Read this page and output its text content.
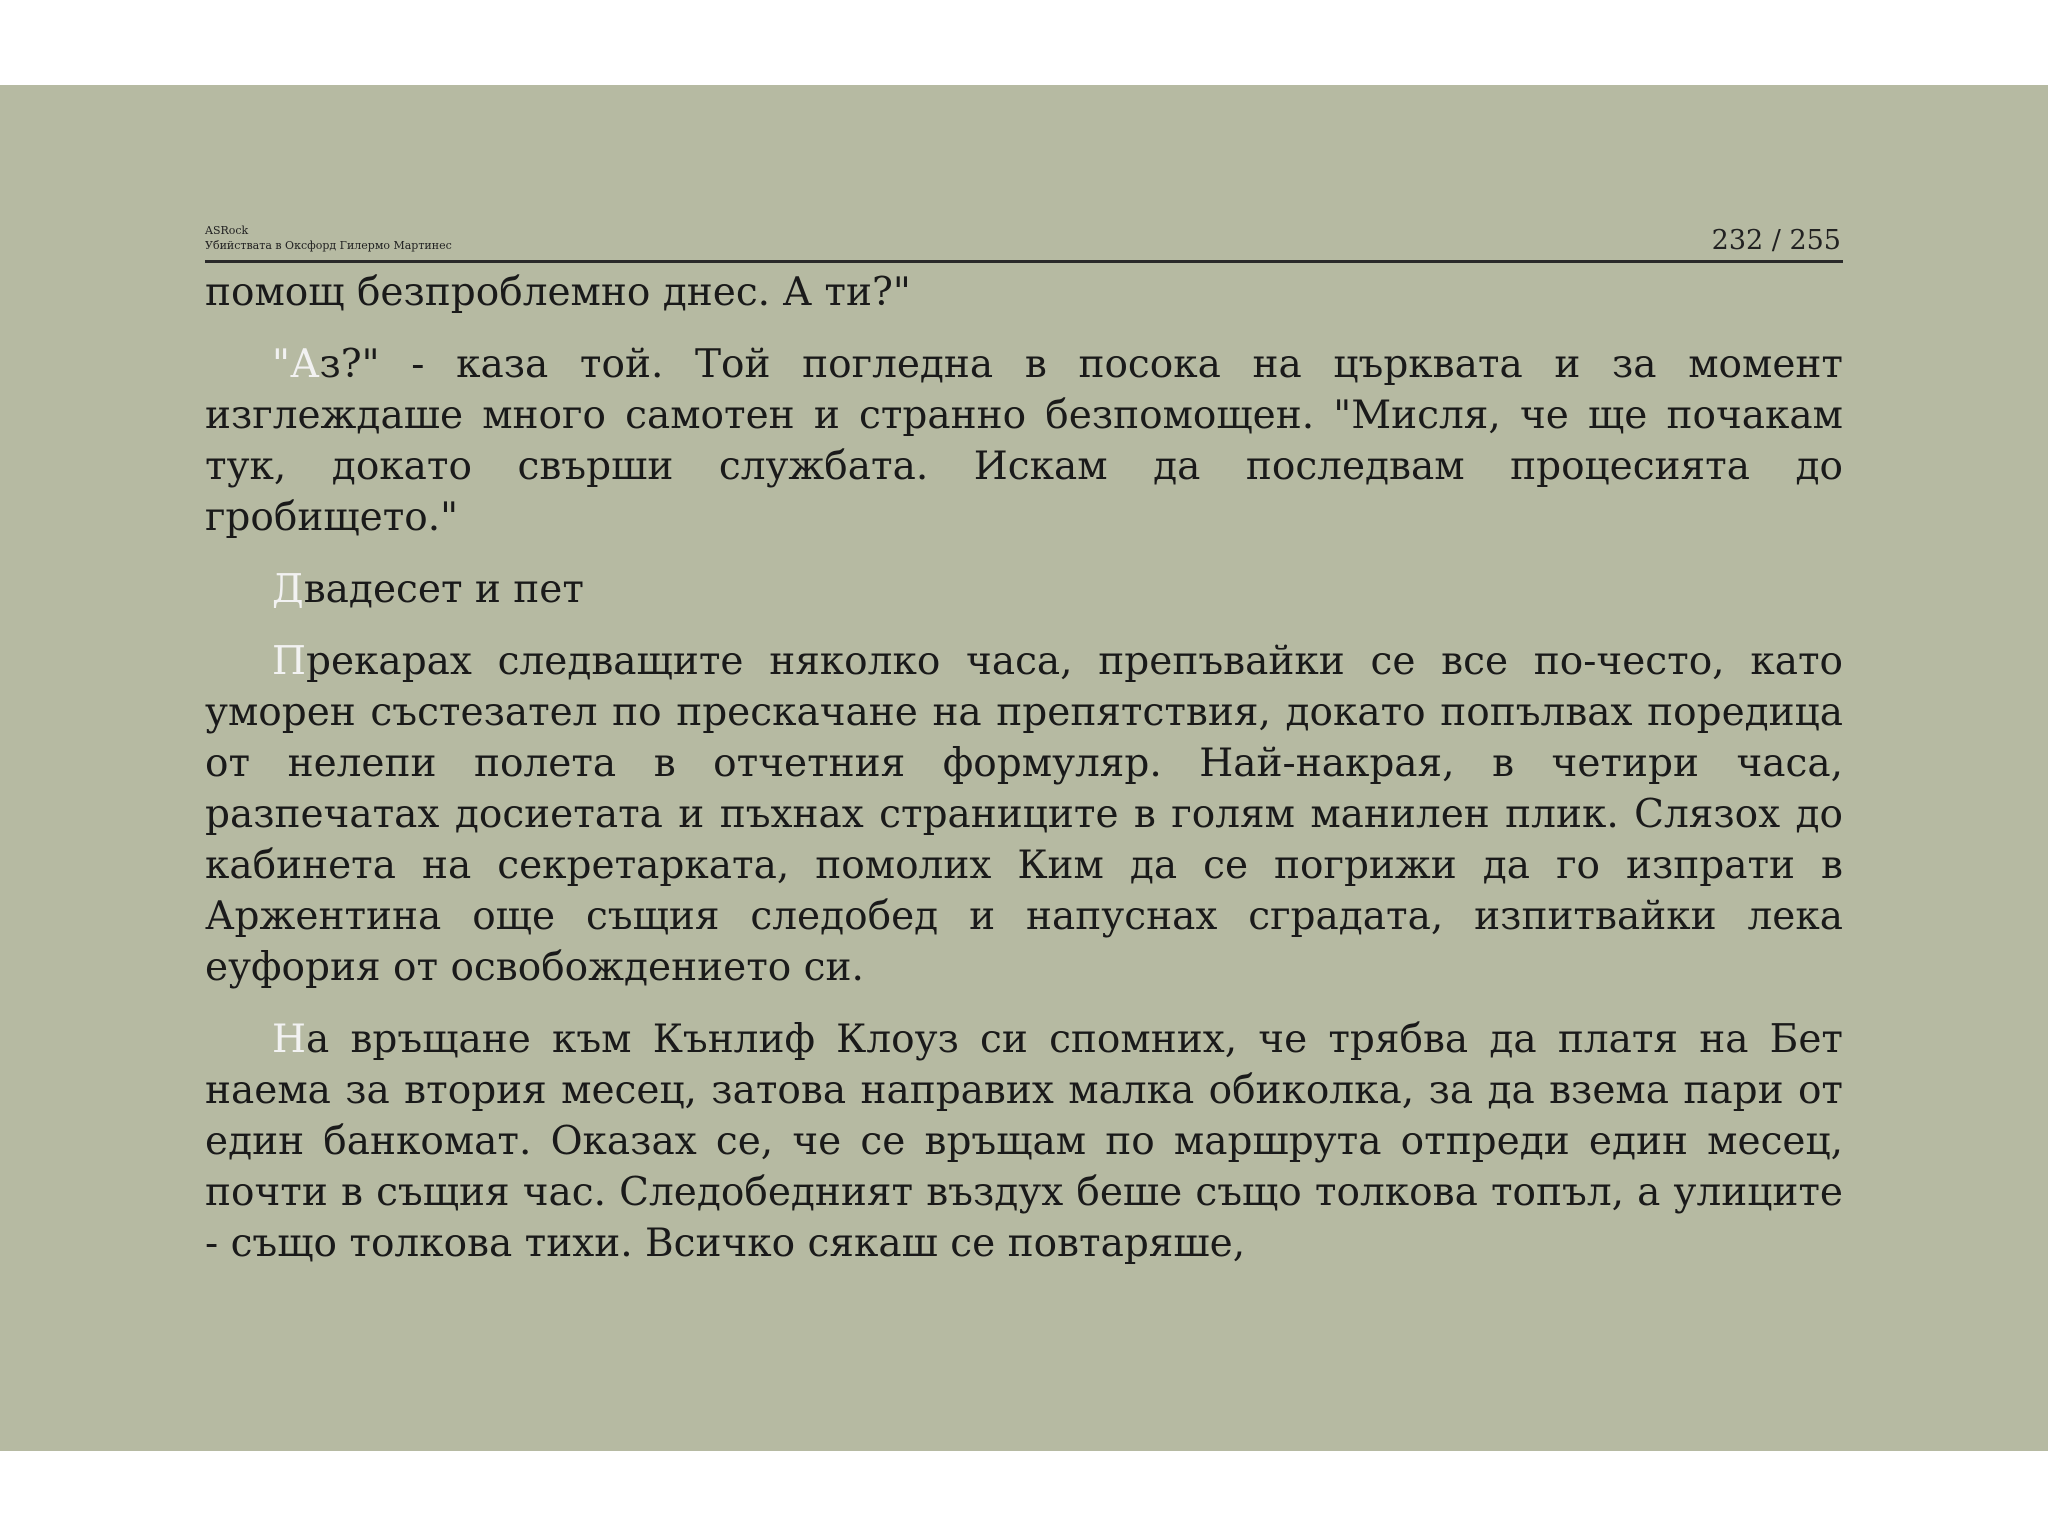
ASRock
Убийствата в Оксфорд Гилермо Мартинес	232 / 255

помощ безпроблемно днес. А ти?"

"Аз?" - каза той. Той погледна в посока на църквата и за момент изглеждаше много самотен и странно безпомощен. "Мисля, че ще почакам тук, докато свърши службата. Искам да последвам процесията до гробището."

Двадесет и пет

Прекарах следващите няколко часа, препъвайки се все по-често, като уморен състезател по прескачане на препятствия, докато попълвах поредица от нелепи полета в отчетния формуляр. Най-накрая, в четири часа, разпечатах досиетата и пъхнах страниците в голям манилен плик. Слязох до кабинета на секретарката, помолих Ким да се погрижи да го изпрати в Аржентина още същия следобед и напуснах сградата, изпитвайки лека еуфория от освобождението си.

На връщане към Кънлиф Клоуз си спомних, че трябва да платя на Бет наема за втория месец, затова направих малка обиколка, за да взема пари от един банкомат. Оказах се, че се връщам по маршрута отпреди един месец, почти в същия час. Следобедният въздух беше също толкова топъл, а улиците - също толкова тихи. Всичко сякаш се повтаряше,
